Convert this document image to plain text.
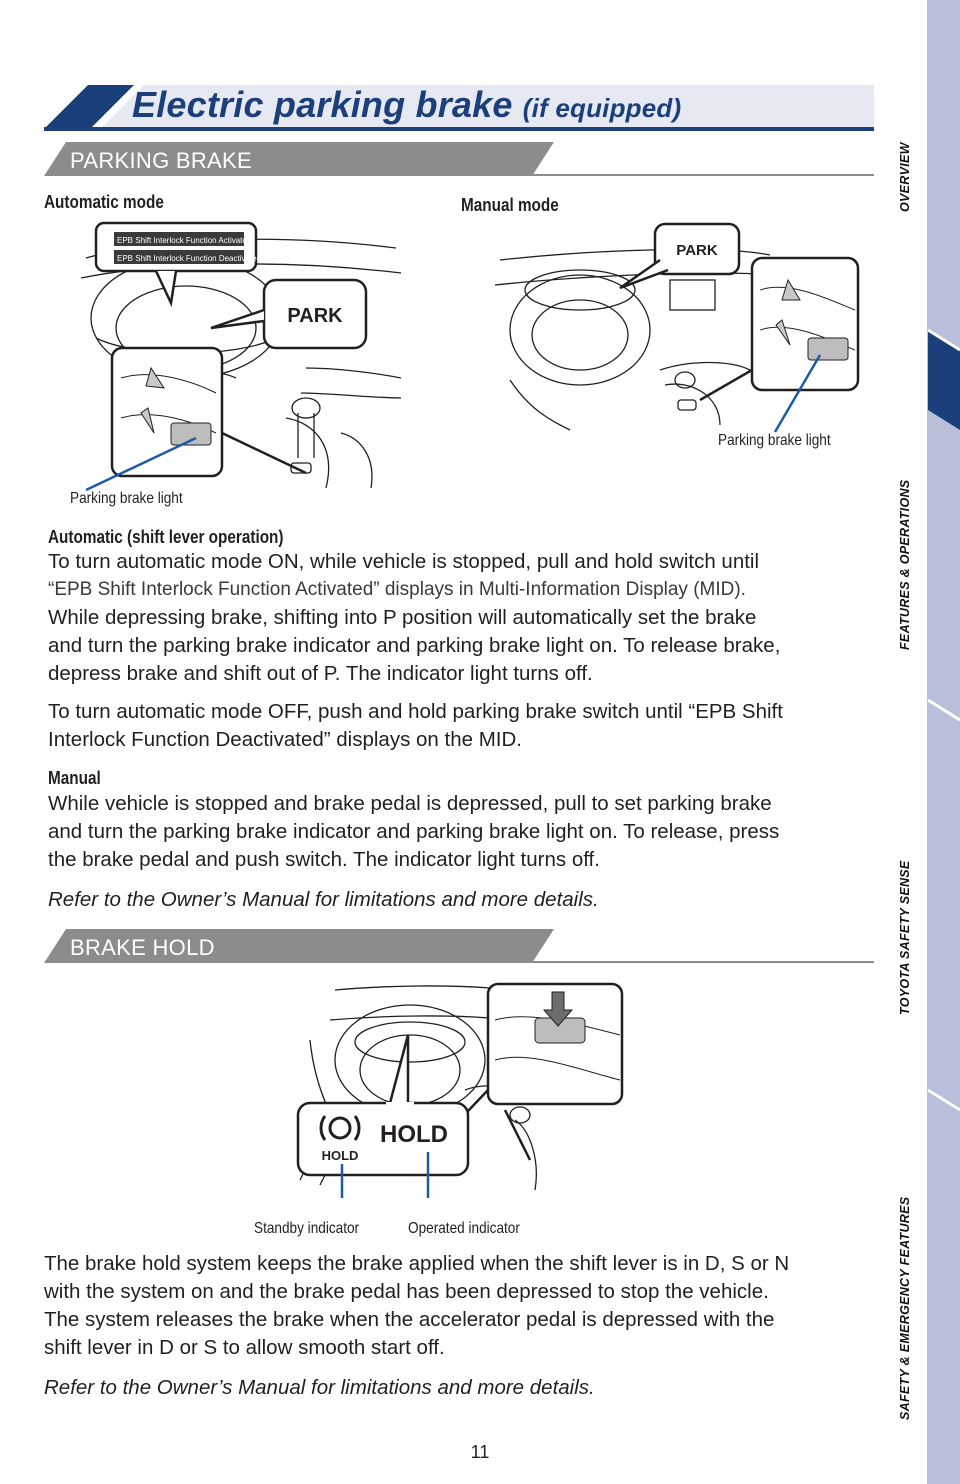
Electric parking brake (if equipped)
PARKING BRAKE
Automatic mode	Manual mode
EPB Shift Interlock Function Activated
EPB Shift Interlock Function Deactivated
PARK
Parking brake light
PARK
Parking brake light
Automatic (shift lever operation)

To turn automatic mode ON, while vehicle is stopped, pull and hold switch until

“EPB Shift Interlock Function Activated” displays in Multi-Information Display (MID).

While depressing brake, shifting into P position will automatically set the brake

and turn the parking brake indicator and parking brake light on. To release brake,

depress brake and shift out of P. The indicator light turns off.

To turn automatic mode OFF, push and hold parking brake switch until “EPB Shift

Interlock Function Deactivated” displays on the MID.

Manual

While vehicle is stopped and brake pedal is depressed, pull to set parking brake

and turn the parking brake indicator and parking brake light on. To release, press

the brake pedal and push switch. The indicator light turns off.

Refer to the Owner’s Manual for limitations and more details.

BRAKE HOLD
HOLD
HOLD
Standby indicator	Operated indicator

The brake hold system keeps the brake applied when the shift lever is in D, S or N

with the system on and the brake pedal has been depressed to stop the vehicle.

The system releases the brake when the accelerator pedal is depressed with the

shift lever in D or S to allow smooth start off.

Refer to the Owner’s Manual for limitations and more details.

OVERVIEW
FEATURES & OPERATIONS
TOYOTA SAFETY SENSE
SAFETY & EMERGENCY FEATURES
11
